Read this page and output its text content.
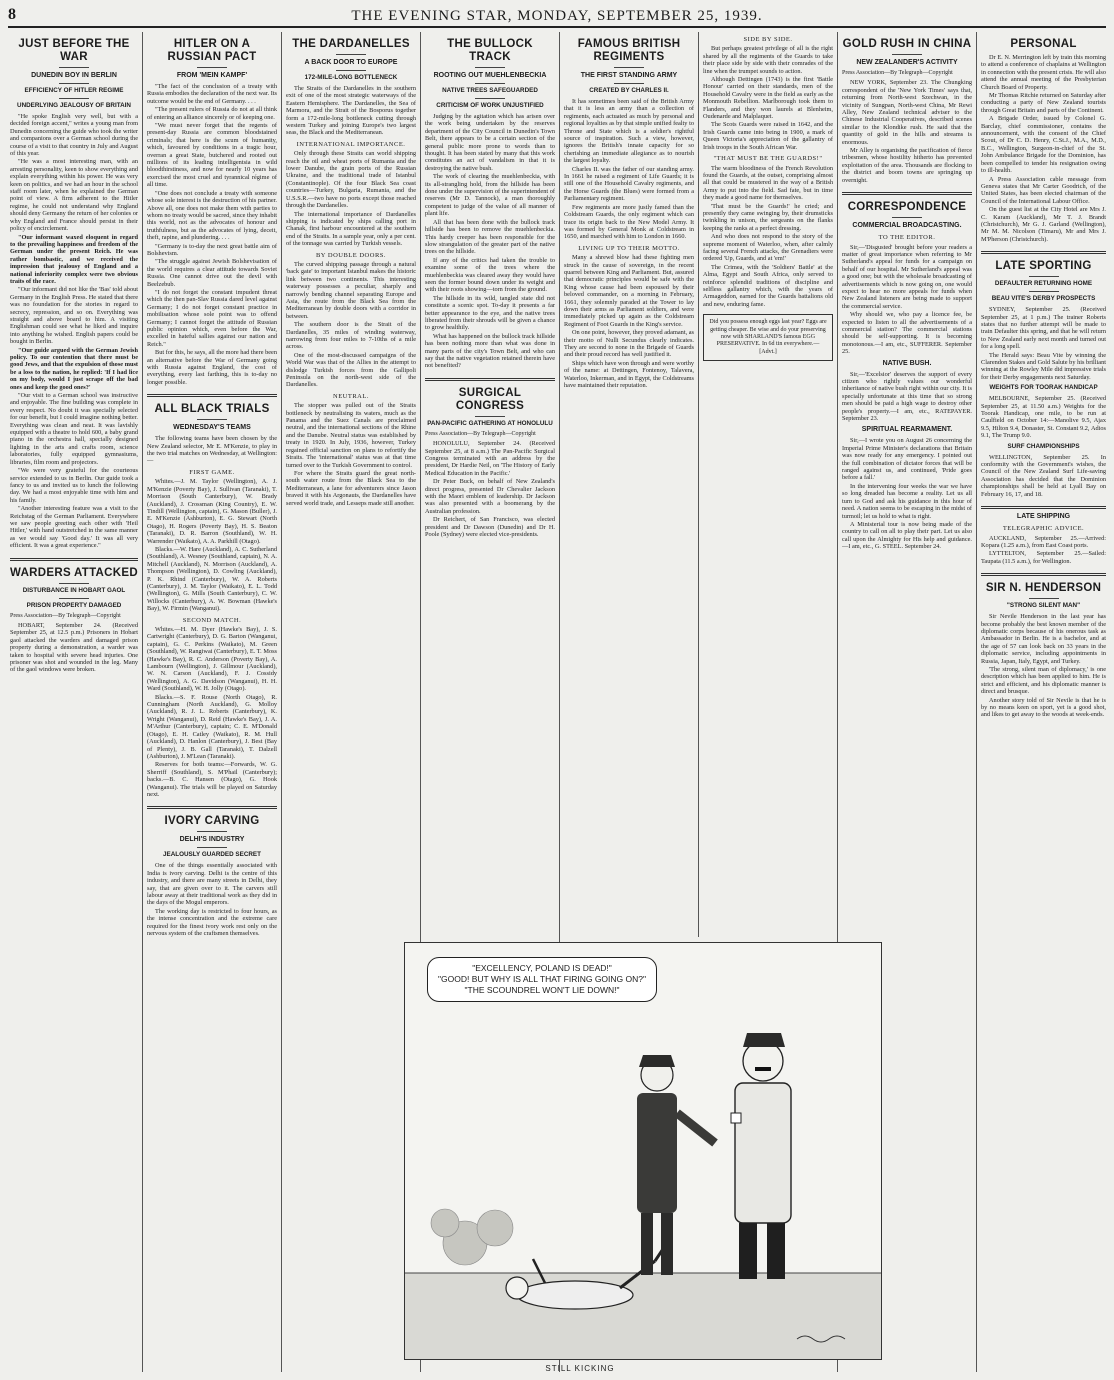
8	THE EVENING STAR, MONDAY, SEPTEMBER 25, 1939.
JUST BEFORE THE WAR
DUNEDIN BOY IN BERLIN
EFFICIENCY OF HITLER REGIME
UNDERLYING JEALOUSY OF BRITAIN

"He spoke English very well, but with a decided foreign accent," writes a young man from Dunedin concerning the guide who took the writer and companions over a German school during the course of a visit to that country in July and August of this year.

"He was a most interesting man, with an arresting personality, keen to show everything and explain everything within his power. He was very keen on politics, and we had an hour in the school staff room later, when he explained the German point of view. A firm adherent to the Hitler regime, he could not understand why England should deny Germany the return of her colonies or why England and France should persist in their policy of encirclement.

"Our informant waxed eloquent in regard to the prevailing happiness and freedom of the German under the present Reich. He was rather bombastic, and we received the impression that jealousy of England and a national inferiority complex were two obvious traits of the race.

"Our informant did not like the 'Bas' told about Germany in the English Press. He stated that there was no foundation for the stories in regard to secrecy, repression, and so on. Everything was straight and above board to him. A visiting Englishman could see what he liked and inquire into anything he wished. English papers could be bought in Berlin.

"Our guide argued with the German Jewish policy. To our contention that there must be good Jews, and that the expulsion of those must be a loss to the nation, he replied: 'If I had lice on my body, would I just scrape off the bad ones and keep the good ones?'

"Our visit to a German school was instructive and enjoyable. The fine building was complete in every respect. No doubt it was specially selected for our benefit, but I could imagine nothing better. Everything was clean and neat. It was lavishly equipped with a theatre to hold 600, a baby grand piano in the orchestra hall, specially designed lighting in the arts and crafts room, science laboratories, fully equipped gymnasiums, libraries, film room and projectors.

"We were very grateful for the courteous service extended to us in Berlin. Our guide took a fancy to us and invited us to lunch the following day. We had a most enjoyable time with him and his family.

"Another interesting feature was a visit to the Reichstag of the German Parliament. Everywhere we saw people greeting each other with 'Heil Hitler,' with hand outstretched in the same manner as we would say 'Good day.' It was all very efficient. It was a great experience."

WARDERS ATTACKED
DISTURBANCE IN HOBART GAOL
PRISON PROPERTY DAMAGED
Press Association—By Telegraph—Copyright

HOBART, September 24. (Received September 25, at 12.5 p.m.) Prisoners in Hobart gaol attacked the warders and damaged prison property during a demonstration, a warder was taken to hospital with severe head injuries. One prisoner was shot and wounded in the leg. Many of the gaol windows were broken.

HITLER ON A RUSSIAN PACT
FROM 'MEIN KAMPF'

"The fact of the conclusion of a treaty with Russia embodies the declaration of the next war. Its outcome would be the end of Germany. . . .

"The present rulers of Russia do not at all think of entering an alliance sincerely or of keeping one.

"We must never forget that the regents of present-day Russia are common bloodstained criminals; that here is the scum of humanity, which, favoured by conditions in a tragic hour, overran a great State, butchered and rooted out millions of its leading intelligentsia in wild bloodthirstiness, and now for nearly 10 years has exercised the most cruel and tyrannical régime of all time.

"One does not conclude a treaty with someone whose sole interest is the destruction of his partner. Above all, one does not make them with parties to whom no treaty would be sacred, since they inhabit this world, not as the advocates of honour and truthfulness, but as the advocates of lying, deceit, theft, rapine, and plundering. . . .

"Germany is to-day the next great battle aim of Bolshevism.

"The struggle against Jewish Bolshevisation of the world requires a clear attitude towards Soviet Russia. One cannot drive out the devil with Beelzebub.

"I do not forget the constant impudent threat which the then pan-Slav Russia dared level against Germany; I do not forget constant practice in mobilisation whose sole point was to offend Germany; I cannot forget the attitude of Russian public opinion which, even before the War, excelled in hateful sallies against our nation and Reich."

But for this, he says, all the more had there been an alternative before the War of Germany going with Russia against England, the cost of everything, every last farthing, this is to-day no longer possible.

ALL BLACK TRIALS
WEDNESDAY'S TEAMS

The following teams have been chosen by the New Zealand selector, Mr E. M'Kenzie, to play in the two trial matches on Wednesday, at Wellington:—

FIRST GAME.

Whites.—J. M. Taylor (Wellington), A. J. M'Kenzie (Poverty Bay), J. Sullivan (Taranaki), T. Morrison (South Canterbury), W. Brady (Auckland), J. Crossman (King Country), E. W. Tindill (Wellington, captain), G. Mason (Buller), J. E. M'Kenzie (Ashburton), E. G. Stewart (North Otago), H. Rogers (Poverty Bay), H. S. Beaton (Taranaki), D. R. Barron (Southland), W. H. Warrender (Waikato), A. A. Parkhill (Otago).

Blacks.—W. Hare (Auckland), A. C. Sutherland (Southland), A. Wesney (Southland, captain), N. A. Mitchell (Auckland), N. Morrison (Auckland), A. Thompson (Wellington), D. Cowling (Auckland), P. K. Rhind (Canterbury), W. A. Roberts (Canterbury), J. M. Taylor (Waikato), E. L. Todd (Wellington), G. Mills (South Canterbury), C. W. Willocks (Canterbury), A. W. Bowman (Hawke's Bay), W. Firmin (Wanganui).

SECOND MATCH.

Whites.—H. M. Dyer (Hawke's Bay), J. S. Cartwright (Canterbury), D. G. Barton (Wanganui, captain), G. C. Perkins (Waikato), M. Green (Southland), W. Rangiwai (Canterbury), E. T. Moss (Hawke's Bay), R. C. Anderson (Poverty Bay), A. Lambourn (Wellington), J. Gillmour (Auckland), W. N. Carson (Auckland), F. J. Cossidy (Wellington), A. G. Davidson (Wanganui), H. H. Ward (Southland), W. H. Jolly (Otago).

Blacks.—S. F. Rouse (North Otago), R. Cunningham (North Auckland), G. Molloy (Auckland), R. J. L. Roberts (Canterbury), K. Wright (Wanganui), D. Reid (Hawke's Bay), J. A. M'Arthur (Canterbury), captain; C. E. M'Donald (Otago), E. H. Catley (Waikato), R. M. Hull (Auckland), D. Hanlon (Canterbury), J. Best (Bay of Plenty), J. B. Gall (Taranaki), T. Dalzell (Ashburton), J. M'Lean (Taranaki).

Reserves for both teams:—Forwards, W. G. Sherriff (Southland), S. M'Phail (Canterbury); backs.—B. C. Hansen (Otago), G. Hook (Wanganui). The trials will be played on Saturday next.

IVORY CARVING
DELHI'S INDUSTRY
JEALOUSLY GUARDED SECRET

One of the things essentially associated with India is ivory carving. Delhi is the centre of this industry, and there are many streets in Delhi, they say, that are given over to it. The carvers still labour away at their traditional work as they did in the days of the Mogul emperors.

The working day is restricted to four hours, as the intense concentration and the extreme care required for the finest ivory work rest only on the nervous system of the craftsmen themselves.

THE DARDANELLES
A BACK DOOR TO EUROPE
172-MILE-LONG BOTTLENECK

The Straits of the Dardanelles in the southern exit of one of the most strategic waterways of the Eastern Hemisphere. The Dardanelles, the Sea of Marmora, and the Strait of the Bosporus together form a 172-mile-long bottleneck cutting through western Turkey and joining Europe's two largest seas, the Black and the Mediterranean.

INTERNATIONAL IMPORTANCE.

Only through these Straits can world shipping reach the oil and wheat ports of Rumania and the lower Danube, the grain ports of the Russian Ukraine, and the traditional trade of Istanbul (Constantinople). Of the four Black Sea coast countries—Turkey, Bulgaria, Rumania, and the U.S.S.R.—two have no ports except those reached through the Dardanelles.

The international importance of Dardanelles shipping is indicated by ships calling port in Chanak, first harbour encountered at the southern end of the Straits. In a sample year, only a per cent. of the tonnage was carried by Turkish vessels.

BY DOUBLE DOORS.

The curved shipping passage through a natural 'back gate' to important Istanbul makes the historic link between two continents. This interesting waterway possesses a peculiar, sharply and narrowly bending channel separating Europe and Asia, the route from the Black Sea from the Mediterranean by double doors with a corridor in between.

The southern door is the Strait of the Dardanelles, 35 miles of winding waterway, narrowing from four miles to 7-10ths of a mile across.

One of the most-discussed campaigns of the World War was that of the Allies in the attempt to dislodge Turkish forces from the Gallipoli Peninsula on the north-west side of the Dardanelles.

NEUTRAL.

The stopper was pulled out of the Straits bottleneck by neutralising its waters, much as the Panama and the Suez Canals are proclaimed neutral, and the international sections of the Rhine and the Danube. Neutral status was established by treaty in 1920. In July, 1936, however, Turkey regained official sanction on plans to refortify the Straits. The 'international' status was at that time turned over to the Turkish Government to control.

For where the Straits guard the great north-south water route from the Black Sea to the Mediterranean, a lane for adventurers since Jason braved it with his Argonauts, the Dardanelles have served world trade, and Lesseps made still another.

THE BULLOCK TRACK
ROOTING OUT MUEHLENBECKIA
NATIVE TREES SAFEGUARDED
CRITICISM OF WORK UNJUSTIFIED

Judging by the agitation which has arisen over the work being undertaken by the reserves department of the City Council in Dunedin's Town Belt, there appears to be a certain section of the general public more prone to words than to thought. It has been stated by many that this work constitutes an act of vandalism in that it is destroying the native bush.

The work of clearing the muehlenbeckia, with its all-strangling hold, from the hillside has been done under the supervision of the superintendent of reserves (Mr D. Tannock), a man thoroughly competent to judge of the value of all manner of plant life.

All that has been done with the bullock track hillside has been to remove the muehlenbeckia. This hardy creeper has been responsible for the slow strangulation of the greater part of the native trees on the hillside.

If any of the critics had taken the trouble to examine some of the trees where the muehlenbeckia was cleared away they would have seen the former bound down under its weight and with their roots showing—torn from the ground.

The hillside in its wild, tangled state did not constitute a scenic spot. To-day it presents a far better appearance to the eye, and the native trees liberated from their shrouds will be given a chance to grow healthily.

What has happened on the bullock track hillside has been nothing more than what was done in many parts of the city's Town Belt, and who can say that the native vegetation retained therein have not benefited?

SURGICAL CONGRESS
PAN-PACIFIC GATHERING AT HONOLULU
Press Association—By Telegraph—Copyright

HONOLULU, September 24. (Received September 25, at 8 a.m.) The Pan-Pacific Surgical Congress terminated with an address by the president, Dr Hardie Neil, on 'The History of Early Medical Education in the Pacific.'

Dr Peter Buck, on behalf of New Zealand's direct progress, presented Dr Chevalier Jackson with the Maori emblem of leadership. Dr Jackson was also presented with a boomerang by the Australian profession.

Dr Reichert, of San Francisco, was elected president and Dr Dawson (Dunedin) and Dr H. Poole (Sydney) were elected vice-presidents.

FAMOUS BRITISH REGIMENTS
THE FIRST STANDING ARMY
CREATED BY CHARLES II.

It has sometimes been said of the British Army that it is less an army than a collection of regiments, each actuated as much by personal and regional loyalties as by that simple unified fealty to Throne and State which is a soldier's rightful source of inspiration. Such a view, however, ignores the British's innate capacity for so cherishing an immediate allegiance as to nourish the largest loyalty.

Charles II. was the father of our standing army. In 1661 he raised a regiment of Life Guards; it is still one of the Household Cavalry regiments, and the Horse Guards (the Blues) were formed from a Parliamentary regiment.

Few regiments are more justly famed than the Coldstream Guards, the only regiment which can trace its origin back to the New Model Army. It was formed by General Monk at Coldstream in 1650, and marched with him to London in 1660.

LIVING UP TO THEIR MOTTO.

Many a shrewd blow had these fighting men struck in the cause of sovereign, in the recent quarrel between King and Parliament. But, assured that democratic principles would be safe with the King whose cause had been espoused by their beloved commander, on a morning in February, 1661, they solemnly paraded at the Tower to lay down their arms as Parliament soldiers, and were immediately picked up again as the Coldstream Regiment of Foot Guards in the King's service.

On one point, however, they proved adamant, as their motto of Nulli Secundus clearly indicates. They are second to none in the Brigade of Guards and their proud record has well justified it.

Ships which have won through and were worthy of the name: at Dettingen, Fontenoy, Talavera, Waterloo, Inkerman, and in Egypt, the Coldstreams have maintained their reputation.

SIDE BY SIDE.

But perhaps greatest privilege of all is the right shared by all the regiments of the Guards to take their place side by side with their comrades of the line when the trumpet sounds to action.

Although Dettingen (1743) is the first 'Battle Honour' carried on their standards, men of the Household Cavalry were in the field as early as the Monmouth Rebellion. Marlborough took them to Flanders, and they won laurels at Blenheim, Oudenarde and Malplaquet.

The Scots Guards were raised in 1642, and the Irish Guards came into being in 1900, a mark of Queen Victoria's appreciation of the gallantry of Irish troops in the South African War.

"THAT MUST BE THE GUARDS!"

The warm bloodiness of the French Revolution found the Guards, at the outset, comprising almost all that could be mustered in the way of a British Army to put into the field. Sad fate, but in time they made a good name for themselves.

'That must be the Guards!' he cried; and presently they came swinging by, their drumsticks twinkling in unison, the sergeants on the flanks keeping the ranks at a perfect dressing.

And who does not respond to the story of the supreme moment of Waterloo, when, after calmly facing several French attacks, the Grenadiers were ordered 'Up, Guards, and at 'em!'

The Crimea, with the 'Soldiers' Battle' at the Alma, Egypt and South Africa, only served to reinforce splendid traditions of discipline and selfless gallantry which, with the years of Armageddon, earned for the Guards battalions old and new, enduring fame.

Did you possess enough eggs last year? Eggs are getting cheaper. Be wise and do your preserving now with SHARLAND'S famous EGG PRESERVATIVE. In 6d tin everywhere.—[Advt.]
GOLD RUSH IN CHINA
NEW ZEALANDER'S ACTIVITY
Press Association—By Telegraph—Copyright

NEW YORK, September 23. The Chungking correspondent of the 'New York Times' says that, returning from North-west Szechwan, in the vicinity of Sungpan, North-west China, Mr Rewi Alley, New Zealand technical adviser to the Chinese Industrial Cooperatives, described scenes similar to the Klondike rush. He said that the quantity of gold in the hills and streams is enormous.

Mr Alley is organising the pacification of fierce tribesmen, whose hostility hitherto has prevented exploitation of the area. Thousands are flocking to the district and boom towns are springing up overnight.

CORRESPONDENCE
COMMERCIAL BROADCASTING.
TO THE EDITOR.

Sir,—'Disgusted' brought before your readers a matter of great importance when referring to Mr Sutherland's appeal for funds for a campaign on behalf of our hospital. Mr Sutherland's appeal was a good one; but with the wholesale broadcasting of advertisements which is now going on, one would expect to hear no more appeals for funds when New Zealand listeners are being made to support the commercial service.

Why should we, who pay a licence fee, be expected to listen to all the advertisements of a commercial station? The commercial stations should be self-supporting. It is becoming monotonous.—I am, etc., SUFFERER. September 25.

NATIVE BUSH.

Sir,—'Excelsior' deserves the support of every citizen who rightly values our wonderful inheritance of native bush right within our city. It is specially unfortunate at this time that so strong men should be paid a high wage to destroy other people's property.—I am, etc., RATEPAYER. September 23.

SPIRITUAL REARMAMENT.

Sir,—I wrote you on August 26 concerning the Imperial Prime Minister's declarations that Britain was now ready for any emergency. I pointed out the full combination of dictator forces that will be ranged against us, and continued, 'Pride goes before a fall.'

In the intervening four weeks the war we have so long dreaded has become a reality. Let us all turn to God and ask his guidance in this hour of need. A nation seems to be escaping in the midst of turmoil; let us hold to what is right.

A Ministerial tour is now being made of the country to call on all to play their part. Let us also call upon the Almighty for His help and guidance.—I am, etc., G. STEEL. September 24.

PERSONAL

Dr E. N. Merrington left by train this morning to attend a conference of chaplains at Wellington in connection with the present crisis. He will also attend the annual meeting of the Presbyterian Church Board of Property.

Mr Thomas Ritchie returned on Saturday after conducting a party of New Zealand tourists through Great Britain and parts of the Continent.

A Brigade Order, issued by Colonel G. Barclay, chief commissioner, contains the announcement, with the consent of the Chief Scout, of Dr C. D. Henry, C.St.J., M.A., M.D., B.C., Wellington, Surgeon-in-chief of the St. John Ambulance Brigade for the Dominion, has been compelled to tender his resignation owing to ill-health.

A Press Association cable message from Geneva states that Mr Carter Goodrich, of the United States, has been elected chairman of the Council of the International Labour Office.

On the guest list at the City Hotel are Mrs J. C. Karam (Auckland), Mr T. J. Brandt (Christchurch), Mr G. J. Garland (Wellington), Mr M. M. Nicolson (Timaru), Mr and Mrs J. M'Pherson (Christchurch).

LATE SPORTING
DEFAULTER RETURNING HOME
BEAU VITE'S DERBY PROSPECTS

SYDNEY, September 25. (Received September 25, at 1 p.m.) The trainer Roberts states that no further attempt will be made to train Defaulter this spring, and that he will return to New Zealand early next month and turned out for a long spell.

The Herald says: Beau Vite by winning the Clarendon Stakes and Gold Salute by his brilliant winning at the Rowley Mile did impressive trials for their Derby engagements next Saturday.

WEIGHTS FOR TOORAK HANDICAP

MELBOURNE, September 25. (Received September 25, at 11.50 a.m.) Weights for the Toorak Handicap, one mile, to be run at Caulfield on October 14:—Manolive 9.5, Ajax 9.5, Hilton 9.4, Donaster, St. Constant 9.2, Adios 9.1, The Trump 9.0.

SURF CHAMPIONSHIPS

WELLINGTON, September 25. In conformity with the Government's wishes, the Council of the New Zealand Surf Life-saving Association has decided that the Dominion championships shall be held at Lyall Bay on February 16, 17, and 18.

LATE SHIPPING
TELEGRAPHIC ADVICE.

AUCKLAND, September 25.—Arrived: Kopara (1.25 a.m.), from East Coast ports.

LYTTELTON, September 25.—Sailed: Taupata (11.5 a.m.), for Wellington.

SIR N. HENDERSON
"STRONG SILENT MAN"

Sir Nevile Henderson in the last year has become probably the best known member of the diplomatic corps because of his onerous task as Ambassador in Berlin. He is a bachelor, and at the age of 57 can look back on 33 years in the diplomatic service, including appointments in Russia, Japan, Italy, Egypt, and Turkey.

'The strong, silent man of diplomacy,' is one description which has been applied to him. He is strict and efficient, and his diplomatic manner is direct and brusque.

Another story told of Sir Nevile is that he is by no means keen on sport, yet is a good shot, and likes to get away to the woods at week-ends.

"EXCELLENCY, POLAND IS DEAD!"
"GOOD! BUT WHY IS ALL THAT FIRING GOING ON?"
"THE SCOUNDREL WON'T LIE DOWN!"
STILL KICKING
